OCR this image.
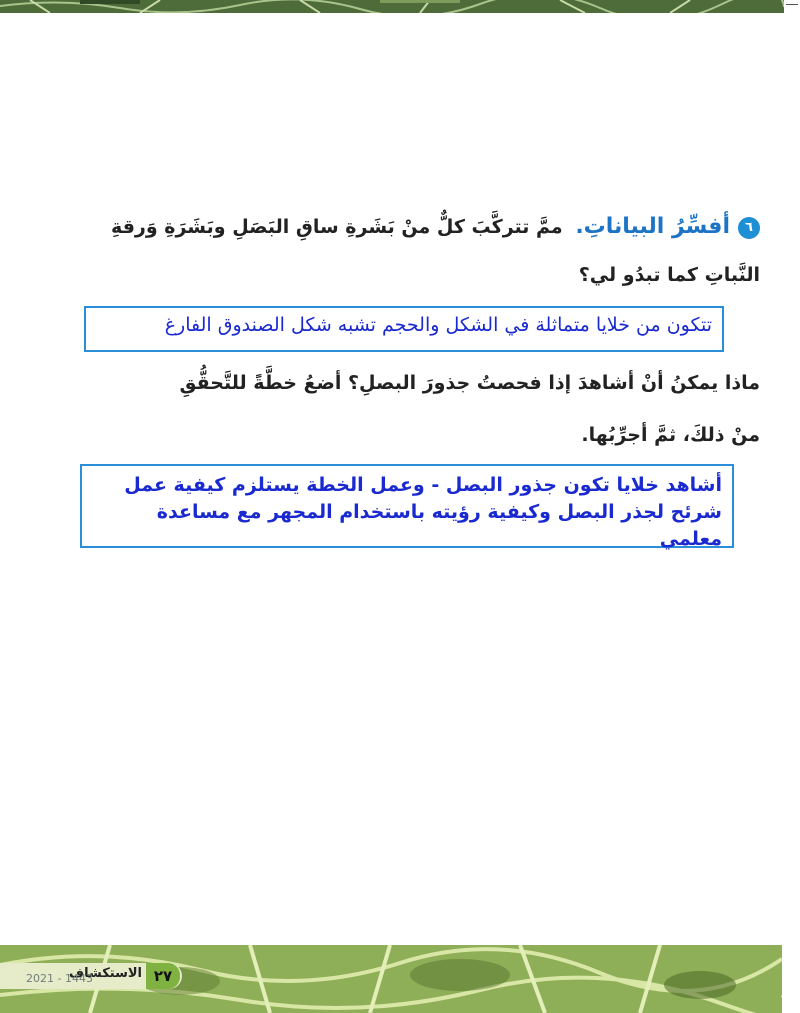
٦أفسِّرُ البياناتِ. ممَّ تتركَّبَ كلٌّ منْ بَشَرةِ ساقِ البَصَلِ وبَشَرَةِ وَرقةِ
النَّباتِ كما تبدُو لي؟
تتكون من خلايا متماثلة في الشكل والحجم تشبه شكل الصندوق الفارغ
ماذا يمكنُ أنْ أشاهدَ إذا فحصتُ جذورَ البصلِ؟ أضعُ خطَّةً للتَّحقُّقِ
منْ ذلكَ، ثمَّ أجرِّبُها.
أشاهد خلايا تكون جذور البصل - وعمل الخطة يستلزم كيفية عمل
شرئح لجذر البصل وكيفية رؤيته باستخدام المجهر مع مساعدة معلمي
الاستكشاف ٢٧
2021 - 1443
